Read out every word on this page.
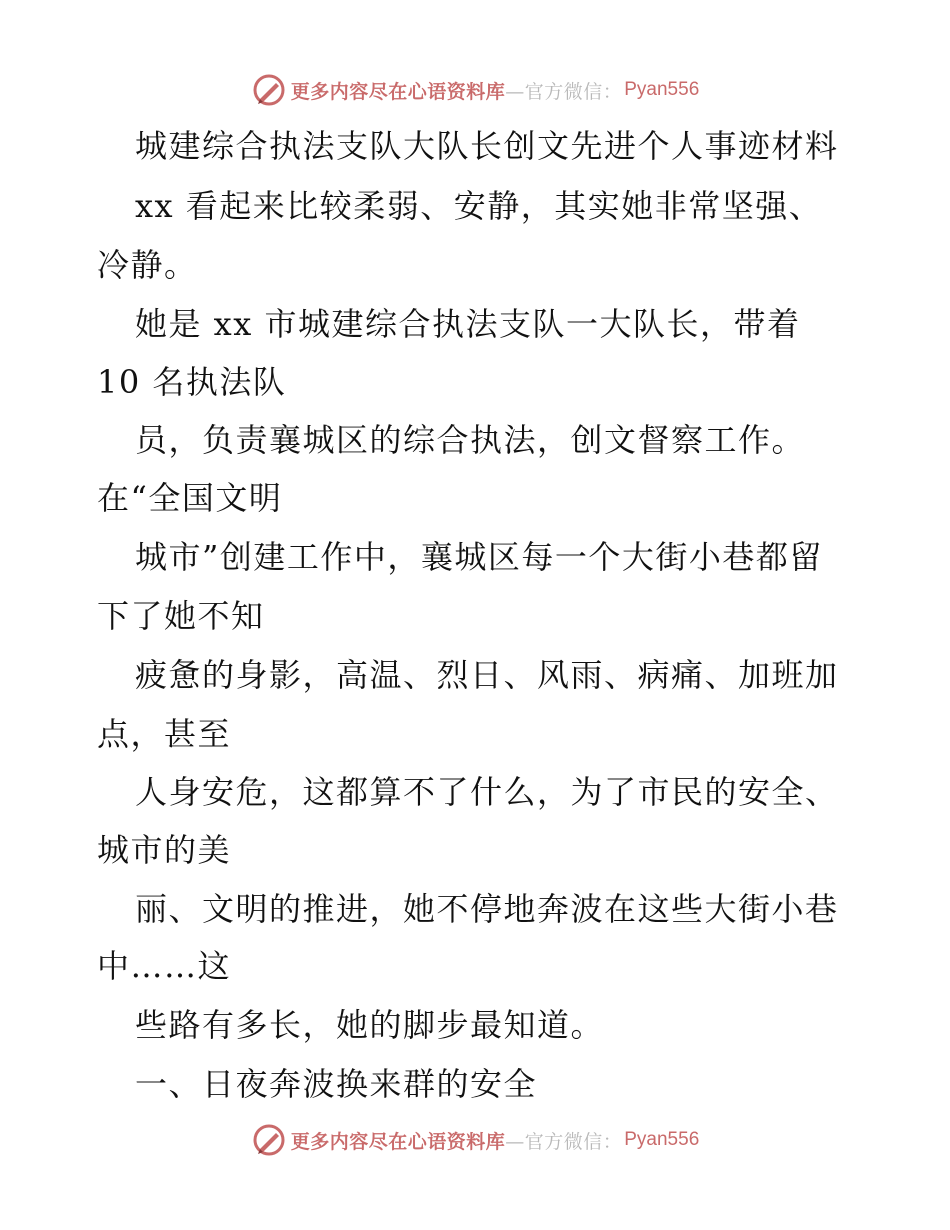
更多内容尽在心语资料库 —官方微信： Pyan556

城建综合执法支队大队长创文先进个人事迹材料

xx 看起来比较柔弱、安静，其实她非常坚强、

冷静。

她是 xx 市城建综合执法支队一大队长，带着

10 名执法队

员，负责襄城区的综合执法，创文督察工作。

在“全国文明

城市”创建工作中，襄城区每一个大街小巷都留

下了她不知

疲惫的身影，高温、烈日、风雨、病痛、加班加

点，甚至

人身安危，这都算不了什么，为了市民的安全、

城市的美

丽、文明的推进，她不停地奔波在这些大街小巷

中……这

些路有多长，她的脚步最知道。

一、日夜奔波换来群的安全

更多内容尽在心语资料库 —官方微信： Pyan556
